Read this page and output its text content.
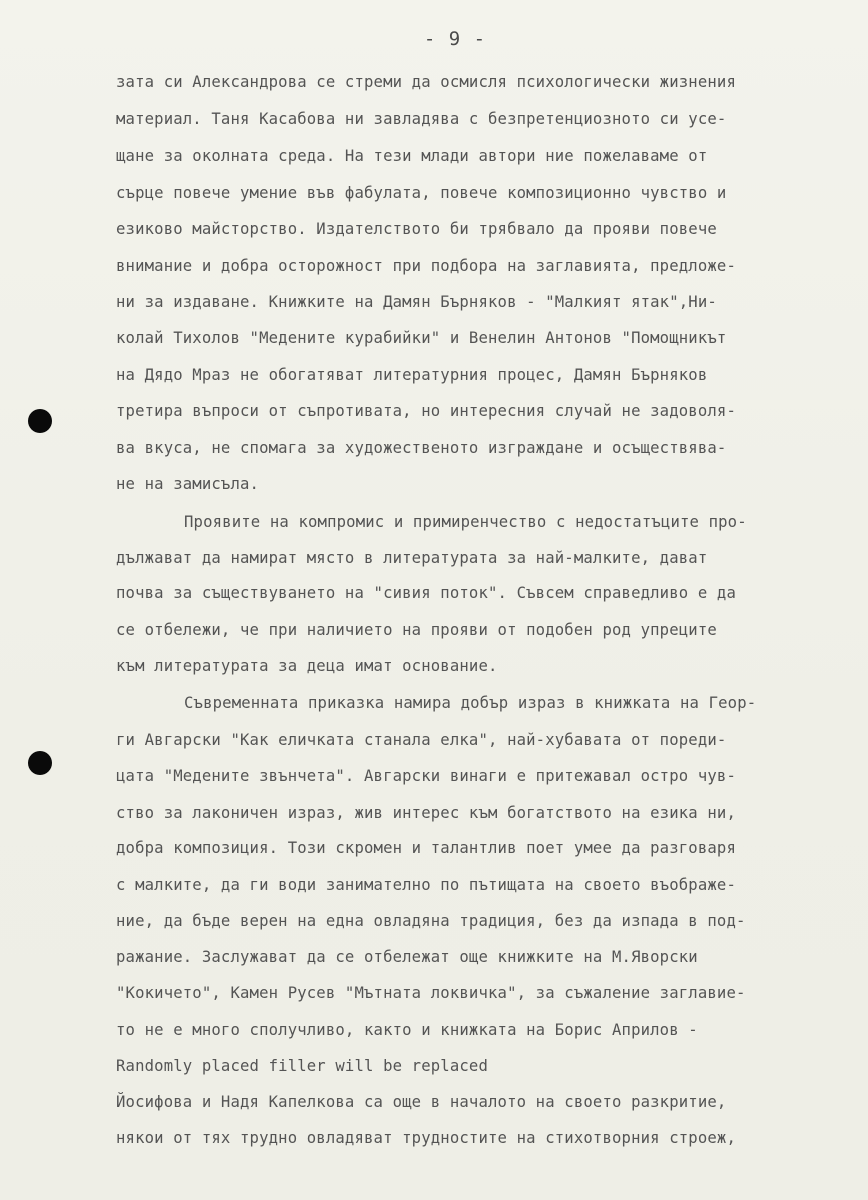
- 9 -
зата си Александрова се стреми да осмисля психологически жизнения
материал. Таня Касабова ни завладява с безпретенциозното си усе-
щане за околната среда. На тези млади автори ние пожелаваме от
сърце повече умение във фабулата, повече композиционно чувство и
езиково майсторство. Издателството би трябвало да прояви повече
внимание и добра осторожност при подбора на заглавията, предложе-
ни за издаване. Книжките на Дамян Бърняков - "Малкият ятак",Ни-
колай Тихолов "Медените курабийки" и Венелин Антонов "Помощникът
на Дядо Мраз не обогатяват литературния процес, Дамян Бърняков
третира въпроси от съпротивата, но интересния случай не задоволя-
ва вкуса, не спомага за художественото изграждане и осъществява-
не на замисъла.
Проявите на компромис и примиренчество с недостатъците про-
дължават да намират място в литературата за най-малките, дават
почва за съществуването на "сивия поток". Съвсем справедливо е да
се отбележи, че при наличието на прояви от подобен род упреците
към литературата за деца имат основание.
Съвременната приказка намира добър израз в книжката на Геор-
ги Авгарски "Как еличката станала елка", най-хубавата от пореди-
цата "Медените звънчета". Авгарски винаги е притежавал остро чув-
ство за лаконичен израз, жив интерес към богатството на езика ни,
добра композиция. Този скромен и талантлив поет умее да разговаря
с малките, да ги води занимателно по пътищата на своето въображе-
ние, да бъде верен на една овладяна традиция, без да изпада в под-
ражание. Заслужават да се отбележат още книжките на М.Яворски
"Кокичето", Камен Русев "Мътната локвичка", за съжаление заглавие-
то не е много сполучливо, както и книжката на Борис Априлов -
Randomly placed filler will be replaced
Йосифова и Надя Капелкова са още в началото на своето разкритие,
някои от тях трудно овладяват трудностите на стихотворния строеж,
